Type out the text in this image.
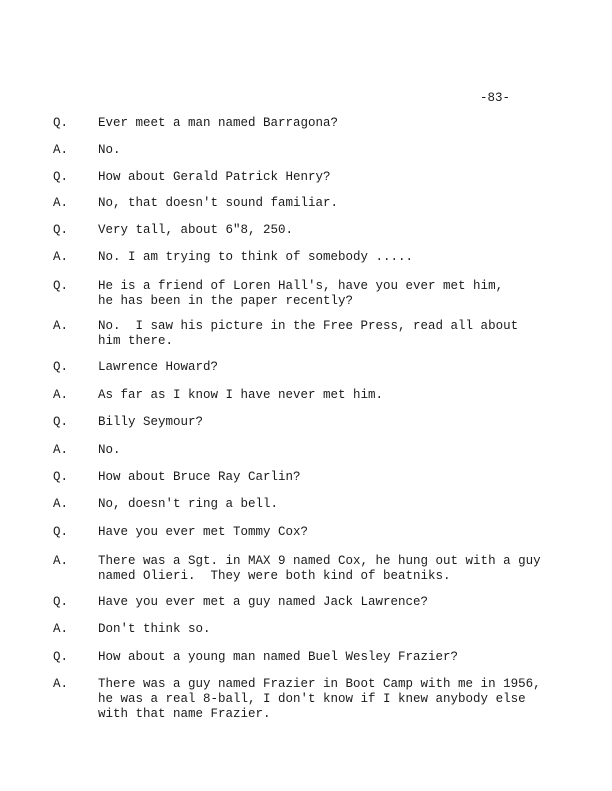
-83-
Q. Ever meet a man named Barragona?
A. No.
Q. How about Gerald Patrick Henry?
A. No, that doesn't sound familiar.
Q. Very tall, about 6"8, 250.
A. No. I am trying to think of somebody .....
Q. He is a friend of Loren Hall's, have you ever met him,
he has been in the paper recently?
A. No.  I saw his picture in the Free Press, read all about
him there.
Q. Lawrence Howard?
A. As far as I know I have never met him.
Q. Billy Seymour?
A. No.
Q. How about Bruce Ray Carlin?
A. No, doesn't ring a bell.
Q. Have you ever met Tommy Cox?
A. There was a Sgt. in MAX 9 named Cox, he hung out with a guy
named Olieri.  They were both kind of beatniks.
Q. Have you ever met a guy named Jack Lawrence?
A. Don't think so.
Q. How about a young man named Buel Wesley Frazier?
A. There was a guy named Frazier in Boot Camp with me in 1956,
he was a real 8-ball, I don't know if I knew anybody else
with that name Frazier.
